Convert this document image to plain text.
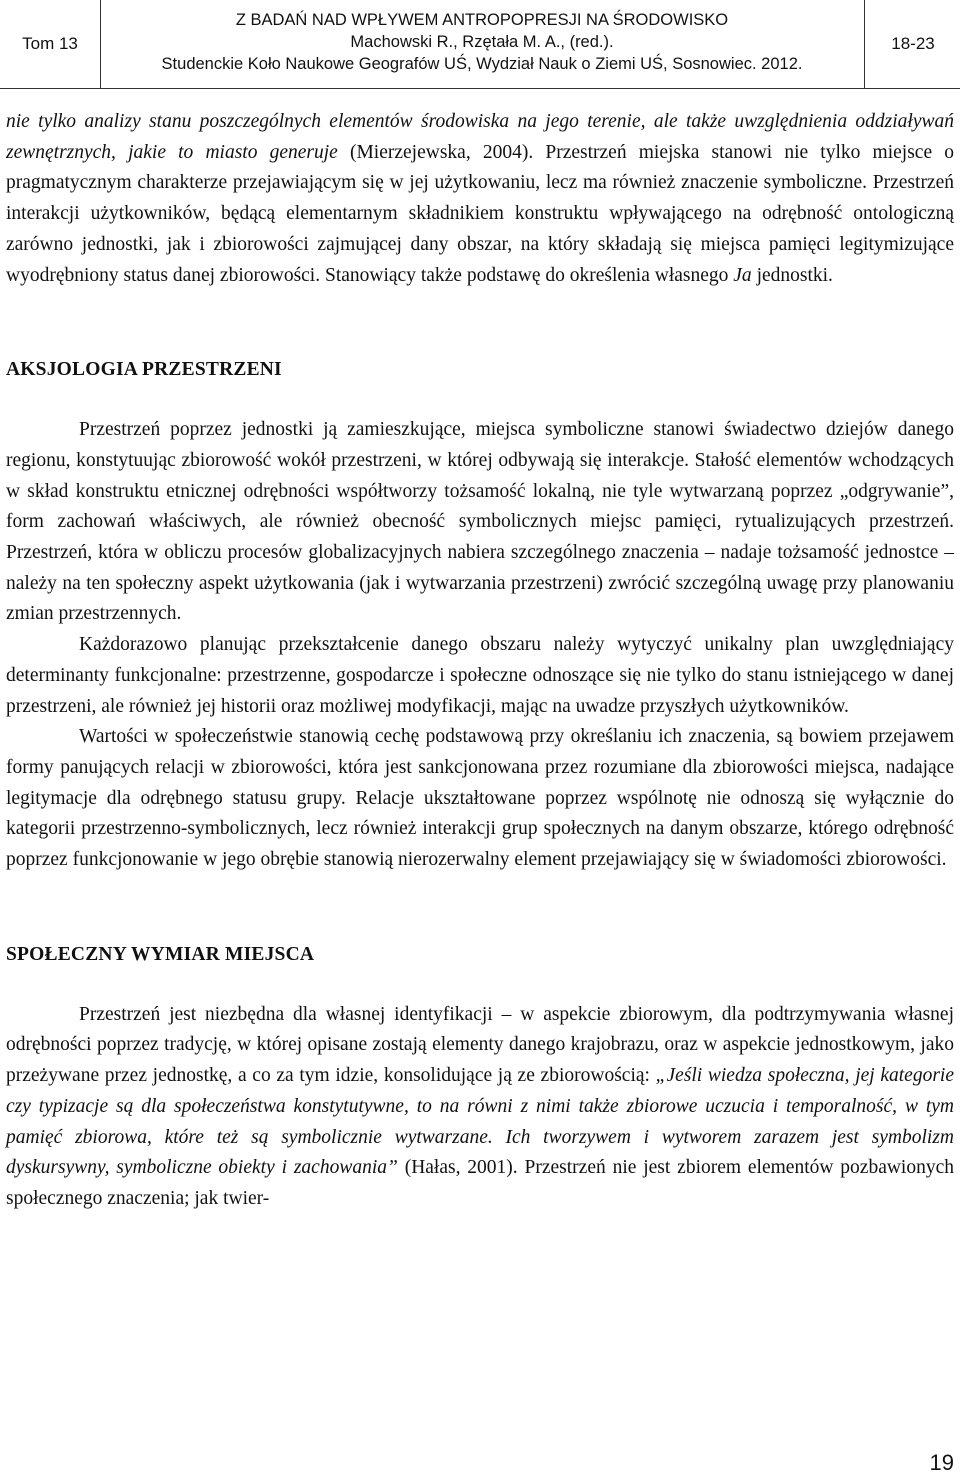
Tom 13
Z BADAŃ NAD WPŁYWEM ANTROPOPRESJI NA ŚRODOWISKO
Machowski R., Rzętała M. A., (red.).
Studenckie Koło Naukowe Geografów UŚ, Wydział Nauk o Ziemi UŚ, Sosnowiec. 2012.
18-23

nie tylko analizy stanu poszczególnych elementów środowiska na jego terenie, ale także uwzględnienia oddziaływań zewnętrznych, jakie to miasto generuje (Mierzejewska, 2004). Przestrzeń miejska stanowi nie tylko miejsce o pragmatycznym charakterze przejawiającym się w jej użytkowaniu, lecz ma również znaczenie symboliczne. Przestrzeń interakcji użytkowników, będącą elementarnym składnikiem konstruktu wpływającego na odrębność ontologiczną zarówno jednostki, jak i zbiorowości zajmującej dany obszar, na który składają się miejsca pamięci legitymizujące wyodrębniony status danej zbiorowości. Stanowiący także podstawę do określenia własnego Ja jednostki.

AKSJOLOGIA PRZESTRZENI

Przestrzeń poprzez jednostki ją zamieszkujące, miejsca symboliczne stanowi świadectwo dziejów danego regionu, konstytuując zbiorowość wokół przestrzeni, w której odbywają się interakcje. Stałość elementów wchodzących w skład konstruktu etnicznej odrębności współtworzy tożsamość lokalną, nie tyle wytwarzaną poprzez „odgrywanie”, form zachowań właściwych, ale również obecność symbolicznych miejsc pamięci, rytualizujących przestrzeń. Przestrzeń, która w obliczu procesów globalizacyjnych nabiera szczególnego znaczenia – nadaje tożsamość jednostce – należy na ten społeczny aspekt użytkowania (jak i wytwarzania przestrzeni) zwrócić szczególną uwagę przy planowaniu zmian przestrzennych.

Każdorazowo planując przekształcenie danego obszaru należy wytyczyć unikalny plan uwzględniający determinanty funkcjonalne: przestrzenne, gospodarcze i społeczne odnoszące się nie tylko do stanu istniejącego w danej przestrzeni, ale również jej historii oraz możliwej modyfikacji, mając na uwadze przyszłych użytkowników.

Wartości w społeczeństwie stanowią cechę podstawową przy określaniu ich znaczenia, są bowiem przejawem formy panujących relacji w zbiorowości, która jest sankcjonowana przez rozumiane dla zbiorowości miejsca, nadające legitymacje dla odrębnego statusu grupy. Relacje ukształtowane poprzez wspólnotę nie odnoszą się wyłącznie do kategorii przestrzenno-symbolicznych, lecz również interakcji grup społecznych na danym obszarze, którego odrębność poprzez funkcjonowanie w jego obrębie stanowią nierozerwalny element przejawiający się w świadomości zbiorowości.

SPOŁECZNY WYMIAR MIEJSCA

Przestrzeń jest niezbędna dla własnej identyfikacji – w aspekcie zbiorowym, dla podtrzymywania własnej odrębności poprzez tradycję, w której opisane zostają elementy danego krajobrazu, oraz w aspekcie jednostkowym, jako przeżywane przez jednostkę, a co za tym idzie, konsolidujące ją ze zbiorowością: „Jeśli wiedza społeczna, jej kategorie czy typizacje są dla społeczeństwa konstytutywne, to na równi z nimi także zbiorowe uczucia i temporalność, w tym pamięć zbiorowa, które też są symbolicznie wytwarzane. Ich tworzywem i wytworem zarazem jest symbolizm dyskursywny, symboliczne obiekty i zachowania” (Hałas, 2001). Przestrzeń nie jest zbiorem elementów pozbawionych społecznego znaczenia; jak twier-

19
